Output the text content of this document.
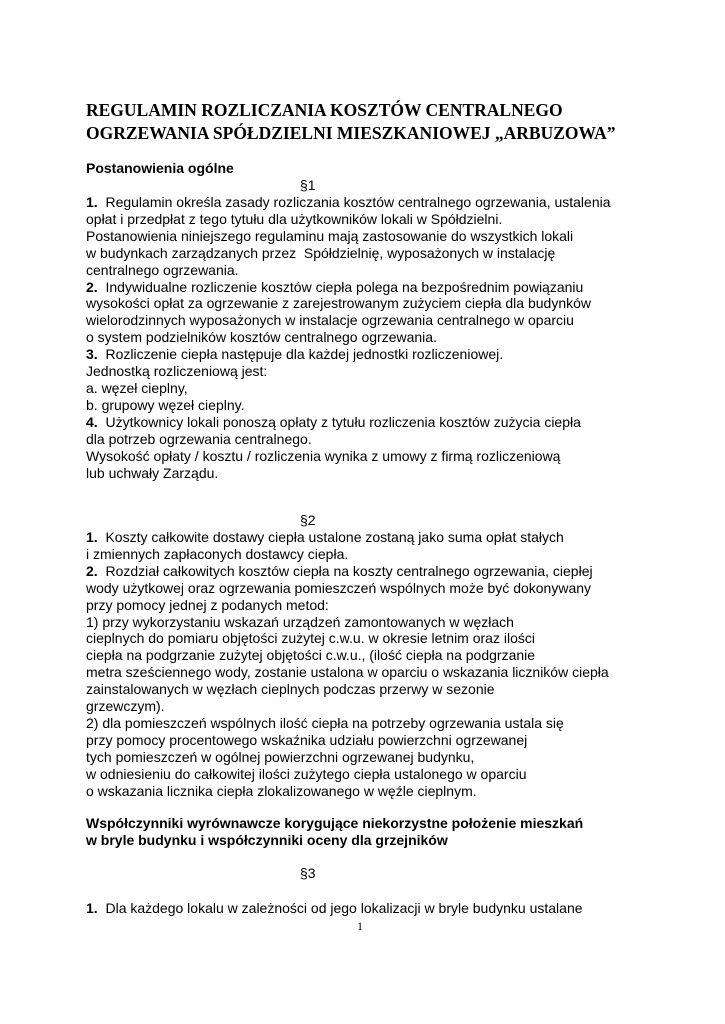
REGULAMIN ROZLICZANIA KOSZTÓW CENTRALNEGO
OGRZEWANIA SPÓŁDZIELNI MIESZKANIOWEJ „ARBUZOWA”
Postanowienia ogólne
§1
1.  Regulamin określa zasady rozliczania kosztów centralnego ogrzewania, ustalenia
opłat i przedpłat z tego tytułu dla użytkowników lokali w Spółdzielni.
Postanowienia niniejszego regulaminu mają zastosowanie do wszystkich lokali
w budynkach zarządzanych przez  Spółdzielnię, wyposażonych w instalację
centralnego ogrzewania.
2.  Indywidualne rozliczenie kosztów ciepła polega na bezpośrednim powiązaniu
wysokości opłat za ogrzewanie z zarejestrowanym zużyciem ciepła dla budynków
wielorodzinnych wyposażonych w instalacje ogrzewania centralnego w oparciu
o system podzielników kosztów centralnego ogrzewania.
3.  Rozliczenie ciepła następuje dla każdej jednostki rozliczeniowej.
Jednostką rozliczeniową jest:
a. węzeł cieplny,
b. grupowy węzeł cieplny.
4.  Użytkownicy lokali ponoszą opłaty z tytułu rozliczenia kosztów zużycia ciepła
dla potrzeb ogrzewania centralnego.
Wysokość opłaty / kosztu / rozliczenia wynika z umowy z firmą rozliczeniową
lub uchwały Zarządu.
§2
1.  Koszty całkowite dostawy ciepła ustalone zostaną jako suma opłat stałych
i zmiennych zapłaconych dostawcy ciepła.
2.  Rozdział całkowitych kosztów ciepła na koszty centralnego ogrzewania, ciepłej
wody użytkowej oraz ogrzewania pomieszczeń wspólnych może być dokonywany
przy pomocy jednej z podanych metod:
1) przy wykorzystaniu wskazań urządzeń zamontowanych w węzłach
cieplnych do pomiaru objętości zużytej c.w.u. w okresie letnim oraz ilości
ciepła na podgrzanie zużytej objętości c.w.u., (ilość ciepła na podgrzanie
metra sześciennego wody, zostanie ustalona w oparciu o wskazania liczników ciepła
zainstalowanych w węzłach cieplnych podczas przerwy w sezonie
grzewczym).
2) dla pomieszczeń wspólnych ilość ciepła na potrzeby ogrzewania ustala się
przy pomocy procentowego wskaźnika udziału powierzchni ogrzewanej
tych pomieszczeń w ogólnej powierzchni ogrzewanej budynku,
w odniesieniu do całkowitej ilości zużytego ciepła ustalonego w oparciu
o wskazania licznika ciepła zlokalizowanego w węźle cieplnym.
Współczynniki wyrównawcze korygujące niekorzystne położenie mieszkań
w bryle budynku i współczynniki oceny dla grzejników
§3
1.  Dla każdego lokalu w zależności od jego lokalizacji w bryle budynku ustalane
1
